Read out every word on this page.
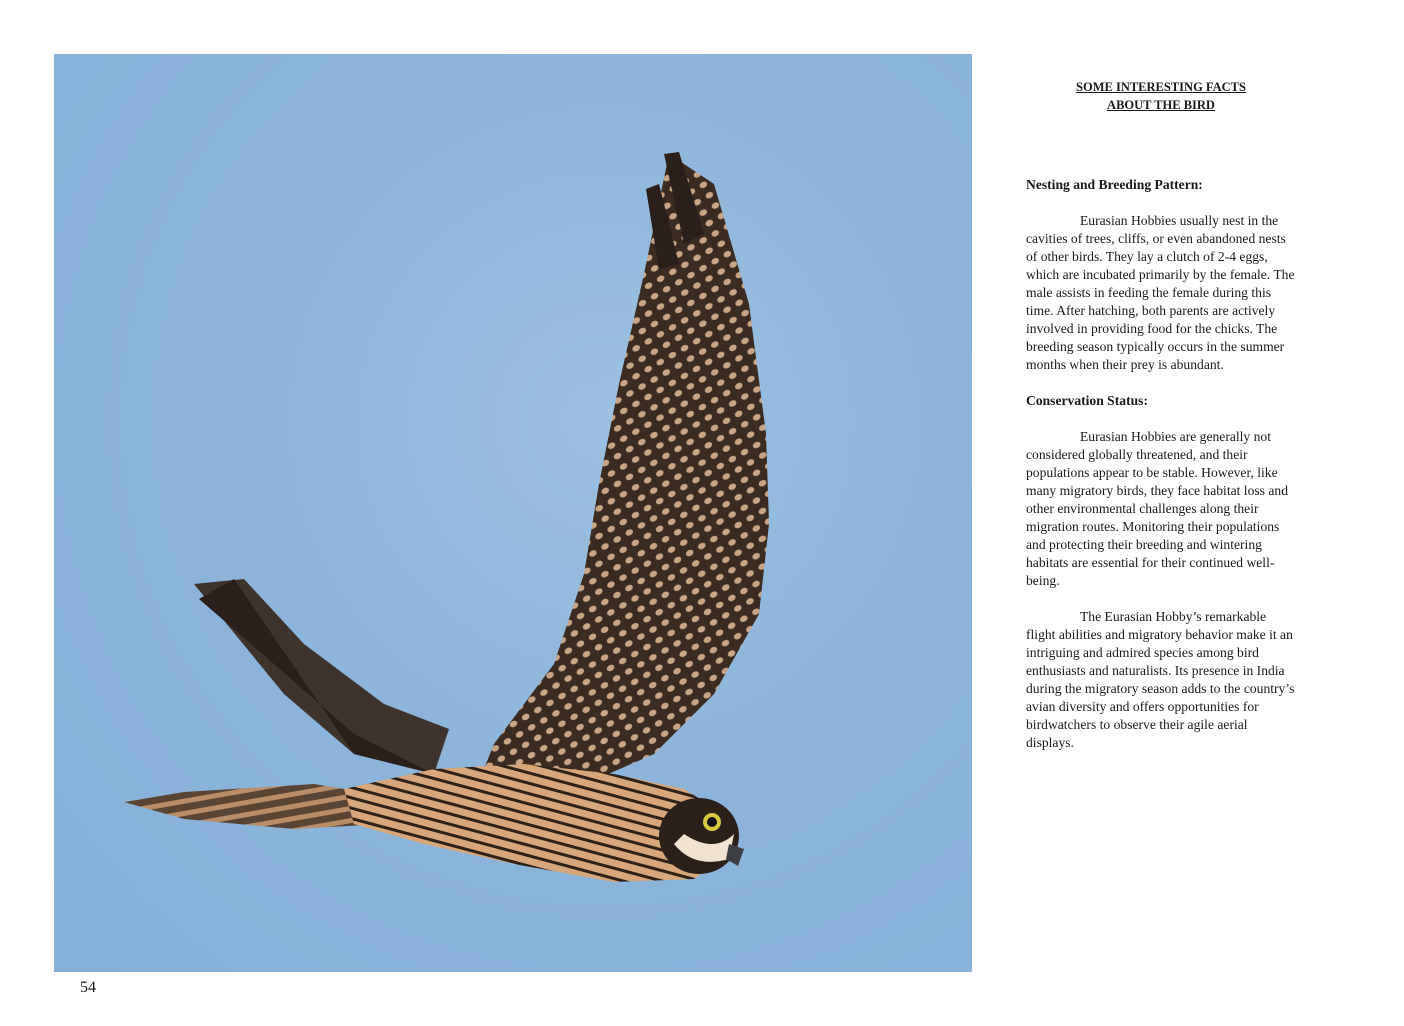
54
SOME INTERESTING FACTS
ABOUT THE BIRD

Nesting and Breeding Pattern:

Eurasian Hobbies usually nest in the cavities of trees, cliffs, or even abandoned nests of other birds. They lay a clutch of 2-4 eggs, which are incubated primarily by the female. The male assists in feeding the female during this time. After hatching, both parents are actively involved in providing food for the chicks. The breeding season typically occurs in the summer months when their prey is abundant.

Conservation Status:

Eurasian Hobbies are generally not considered globally threatened, and their populations appear to be stable. However, like many migratory birds, they face habitat loss and other environmental challenges along their migration routes. Monitoring their populations and protecting their breeding and wintering habitats are essential for their continued well-being.

The Eurasian Hobby’s remarkable flight abilities and migratory behavior make it an intriguing and admired species among bird enthusiasts and naturalists. Its presence in India during the migratory season adds to the country’s avian diversity and offers opportunities for birdwatchers to observe their agile aerial displays.
